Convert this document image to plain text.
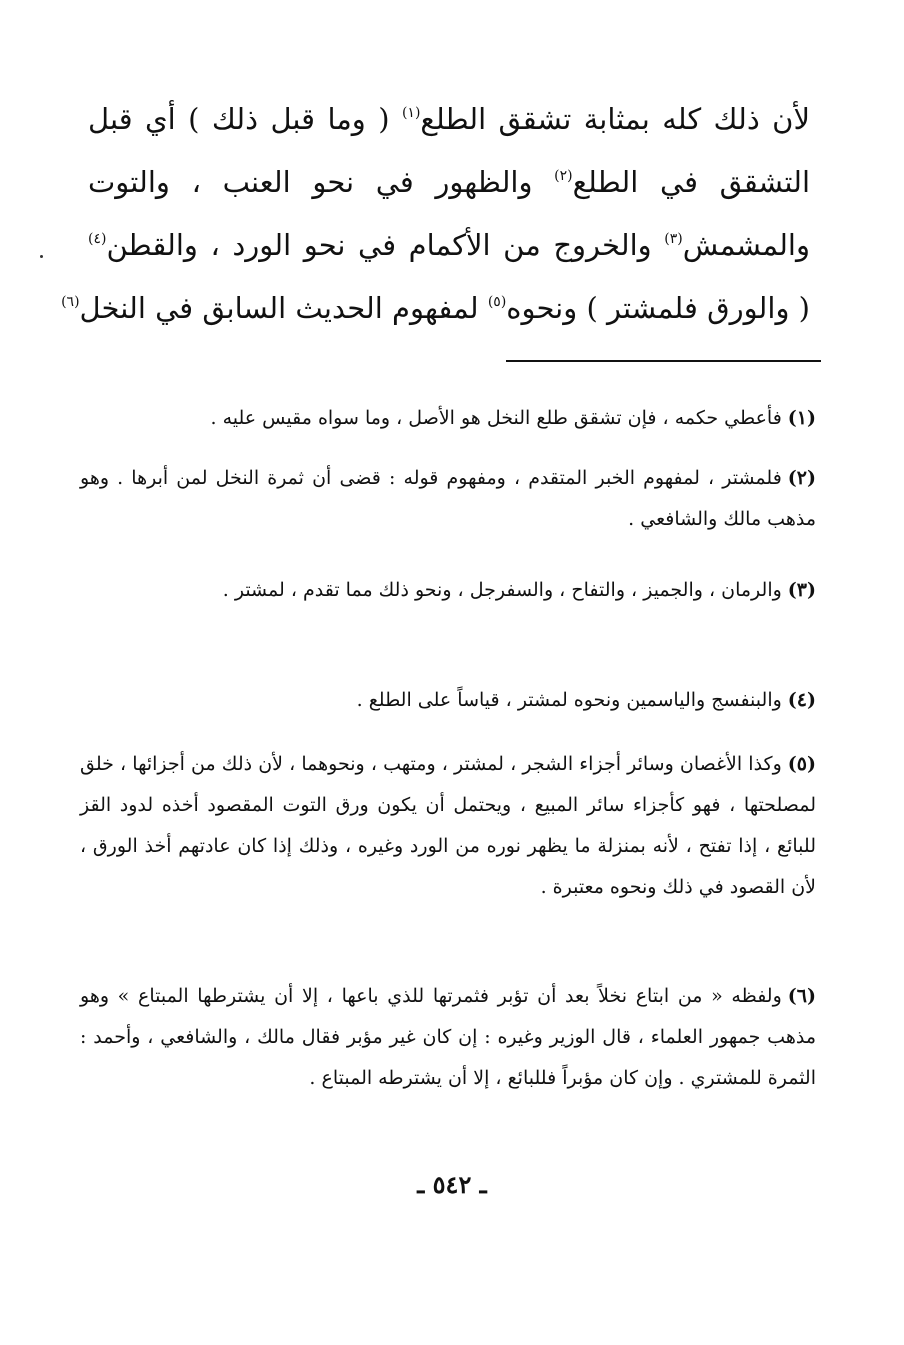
لأن ذلك كله بمثابة تشقق الطلع$^{(١)}$ ( وما قبل ذلك ) أي قبل
التشقق في الطلع$^{(٢)}$ والظهور في نحو العنب ، والتوت
والمشمش$^{(٣)}$ والخروج من الأكمام في نحو الورد ، والقطن$^{(٤)}$
( والورق فلمشتر ) ونحوه$^{(٥)}$ لمفهوم الحديث السابق في النخل$^{(٦)}$
(١)فأعطي حكمه ، فإن تشقق طلع النخل هو الأصل ، وما سواه مقيس عليه .
(٢)فلمشتر ، لمفهوم الخبر المتقدم ، ومفهوم قوله : قضى أن ثمرة النخل لمن أبرها . وهو مذهب مالك والشافعي .
(٣)والرمان ، والجميز ، والتفاح ، والسفرجل ، ونحو ذلك مما تقدم ، لمشتر .
(٤)والبنفسج والياسمين ونحوه لمشتر ، قياساً على الطلع .
(٥)وكذا الأغصان وسائر أجزاء الشجر ، لمشتر ، ومتهب ، ونحوهما ، لأن ذلك من أجزائها ، خلق لمصلحتها ، فهو كأجزاء سائر المبيع ، ويحتمل أن يكون ورق التوت المقصود أخذه لدود القز للبائع ، إذا تفتح ، لأنه بمنزلة ما يظهر نوره من الورد وغيره ، وذلك إذا كان عادتهم أخذ الورق ، لأن القصود في ذلك ونحوه معتبرة .
(٦)ولفظه « من ابتاع نخلاً بعد أن تؤبر فثمرتها للذي باعها ، إلا أن يشترطها المبتاع » وهو مذهب جمهور العلماء ، قال الوزير وغيره : إن كان غير مؤبر فقال مالك ، والشافعي ، وأحمد : الثمرة للمشتري . وإن كان مؤبراً فللبائع ، إلا أن يشترطه المبتاع .
ـ ٥٤٢ ـ
